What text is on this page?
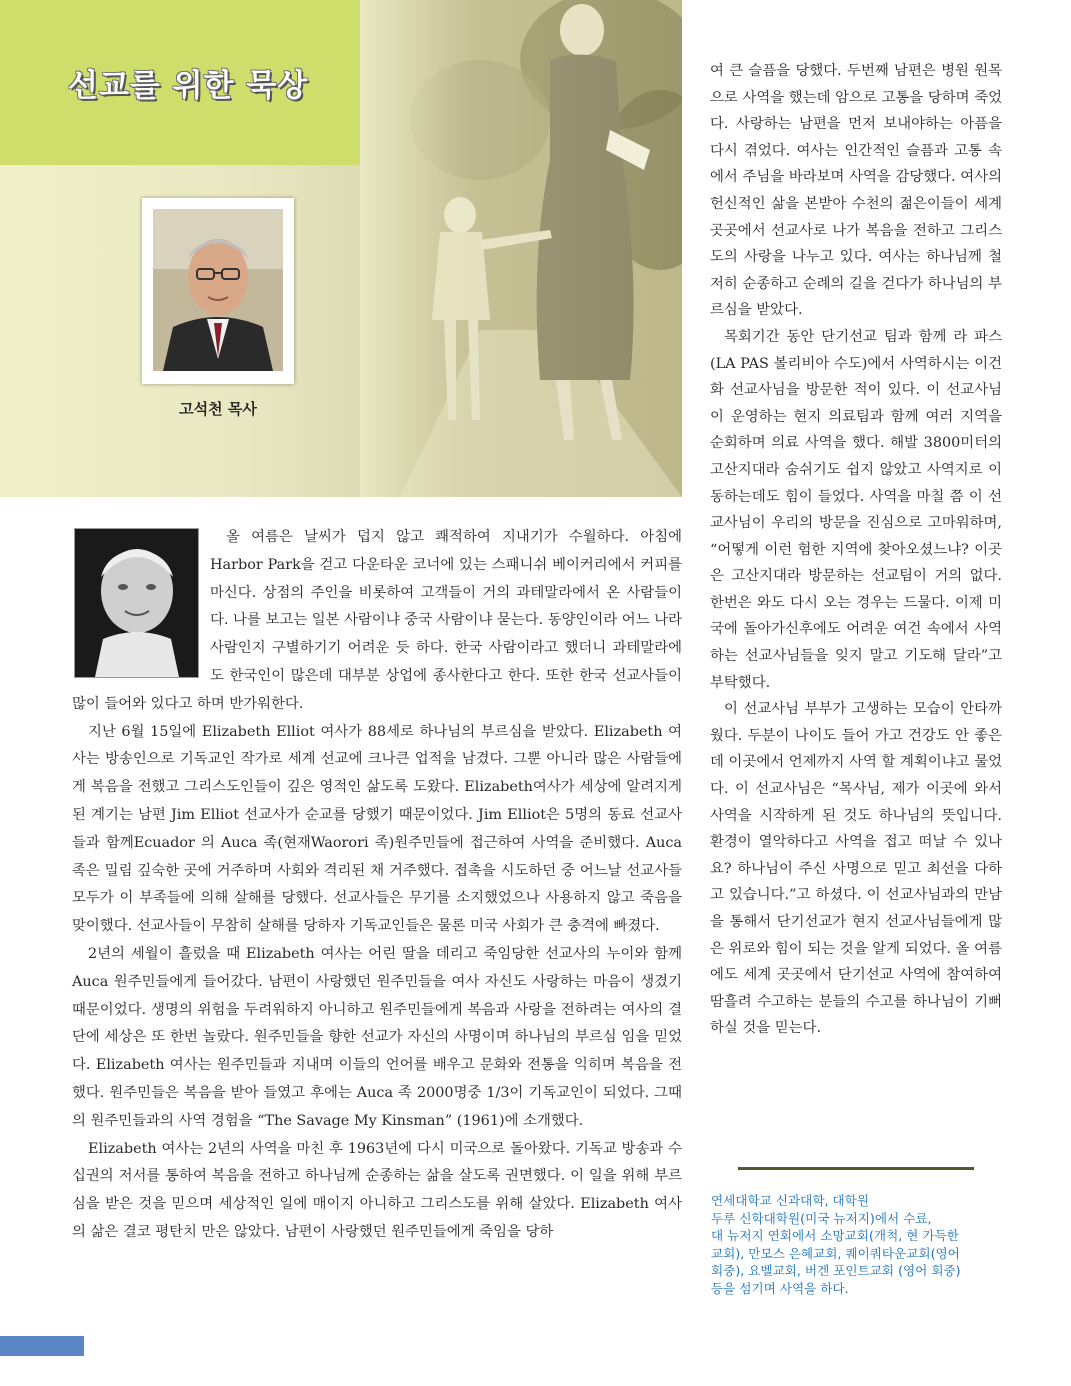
선교를 위한 묵상
고석천 목사

올 여름은 날씨가 덥지 않고 쾌적하여 지내기가 수월하다. 아침에 Harbor Park을 걷고 다운타운 코너에 있는 스패니쉬 베이커리에서 커피를 마신다. 상점의 주인을 비롯하여 고객들이 거의 과테말라에서 온 사람들이다. 나를 보고는 일본 사람이냐 중국 사람이냐 묻는다. 동양인이라 어느 나라 사람인지 구별하기기 어려운 듯 하다. 한국 사람이라고 했더니 과테말라에도 한국인이 많은데 대부분 상업에 종사한다고 한다. 또한 한국 선교사들이 많이 들어와 있다고 하며 반가워한다.

지난 6월 15일에 Elizabeth Elliot 여사가 88세로 하나님의 부르심을 받았다. Elizabeth 여사는 방송인으로 기독교인 작가로 세계 선교에 크나큰 업적을 남겼다. 그뿐 아니라 많은 사람들에게 복음을 전했고 그리스도인들이 깊은 영적인 삶도록 도왔다. Elizabeth여사가 세상에 알려지게 된 계기는 남편 Jim Elliot 선교사가 순교를 당했기 때문이었다. Jim Elliot은 5명의 동료 선교사들과 함께Ecuador 의 Auca 족(현재Waorori 족)원주민들에 접근하여 사역을 준비했다. Auca 족은 밀림 깊숙한 곳에 거주하며 사회와 격리된 채 거주했다. 접촉을 시도하던 중 어느날 선교사들 모두가 이 부족들에 의해 살해를 당했다. 선교사들은 무기를 소지했었으나 사용하지 않고 죽음을 맞이했다. 선교사들이 무참히 살해를 당하자 기독교인들은 물론 미국 사회가 큰 충격에 빠졌다.

2년의 세월이 흘렀을 때 Elizabeth 여사는 어린 딸을 데리고 죽임당한 선교사의 누이와 함께 Auca 원주민들에게 들어갔다. 남편이 사랑했던 원주민들을 여사 자신도 사랑하는 마음이 생겼기 때문이었다. 생명의 위험을 두려워하지 아니하고 원주민들에게 복음과 사랑을 전하려는 여사의 결단에 세상은 또 한번 놀랐다. 원주민들을 향한 선교가 자신의 사명이며 하나님의 부르심 임을 믿었다. Elizabeth 여사는 원주민들과 지내며 이들의 언어를 배우고 문화와 전통을 익히며 복음을 전했다. 원주민들은 복음을 받아 들였고 후에는 Auca 족 2000명중 1/3이 기독교인이 되었다. 그때의 원주민들과의 사역 경험을 “The Savage My Kinsman” (1961)에 소개했다.

Elizabeth 여사는 2년의 사역을 마친 후 1963년에 다시 미국으로 돌아왔다. 기독교 방송과 수십권의 저서를 통하여 복음을 전하고 하나님께 순종하는 삶을 살도록 권면했다. 이 일을 위해 부르심을 받은 것을 믿으며 세상적인 일에 매이지 아니하고 그리스도를 위해 살았다. Elizabeth 여사의 삶은 결코 평탄치 만은 않았다. 남편이 사랑했던 원주민들에게 죽임을 당하

여 큰 슬픔을 당했다. 두번째 남편은 병원 원목으로 사역을 했는데 암으로 고통을 당하며 죽었다. 사랑하는 남편을 먼저 보내야하는 아픔을 다시 겪었다. 여사는 인간적인 슬픔과 고통 속에서 주님을 바라보며 사역을 감당했다. 여사의 헌신적인 삶을 본받아 수천의 젊은이들이 세계 곳곳에서 선교사로 나가 복음을 전하고 그리스도의 사랑을 나누고 있다. 여사는 하나님께 철저히 순종하고 순례의 길을 걷다가 하나님의 부르심을 받았다.

목회기간 동안 단기선교 팀과 함께 라 파스(LA PAS 볼리비아 수도)에서 사역하시는 이건화 선교사님을 방문한 적이 있다. 이 선교사님이 운영하는 현지 의료팀과 함께 여러 지역을 순회하며 의료 사역을 했다. 해발 3800미터의 고산지대라 숨쉬기도 쉽지 않았고 사역지로 이동하는데도 힘이 들었다. 사역을 마칠 쯤 이 선교사님이 우리의 방문을 진심으로 고마워하며, “어떻게 이런 험한 지역에 찾아오셨느냐? 이곳은 고산지대라 방문하는 선교팀이 거의 없다. 한번은 와도 다시 오는 경우는 드물다. 이제 미국에 돌아가신후에도 어려운 여건 속에서 사역하는 선교사님들을 잊지 말고 기도해 달라”고 부탁했다.

이 선교사님 부부가 고생하는 모습이 안타까웠다. 두분이 나이도 들어 가고 건강도 안 좋은데 이곳에서 언제까지 사역 할 계획이냐고 물었다. 이 선교사님은 “목사님, 제가 이곳에 와서 사역을 시작하게 된 것도 하나님의 뜻입니다. 환경이 열악하다고 사역을 접고 떠날 수 있나요? 하나님이 주신 사명으로 믿고 최선을 다하고 있습니다.”고 하셨다. 이 선교사님과의 만남을 통해서 단기선교가 현지 선교사님들에게 많은 위로와 힘이 되는 것을 알게 되었다. 올 여름에도 세계 곳곳에서 단기선교 사역에 참여하여 땀흘려 수고하는 분들의 수고를 하나님이 기뻐하실 것을 믿는다.

연세대학교 신과대학, 대학원
두루 신학대학원(미국 뉴저지)에서 수료,
대 뉴저지 연회에서 소망교회(개척, 현 가득한
교회), 만모스 은혜교회, 퀘이쿼타운교회(영어
회중), 요벨교회, 버겐 포인트교회 (영어 회중)
등을 섬기며 사역을 하다.
